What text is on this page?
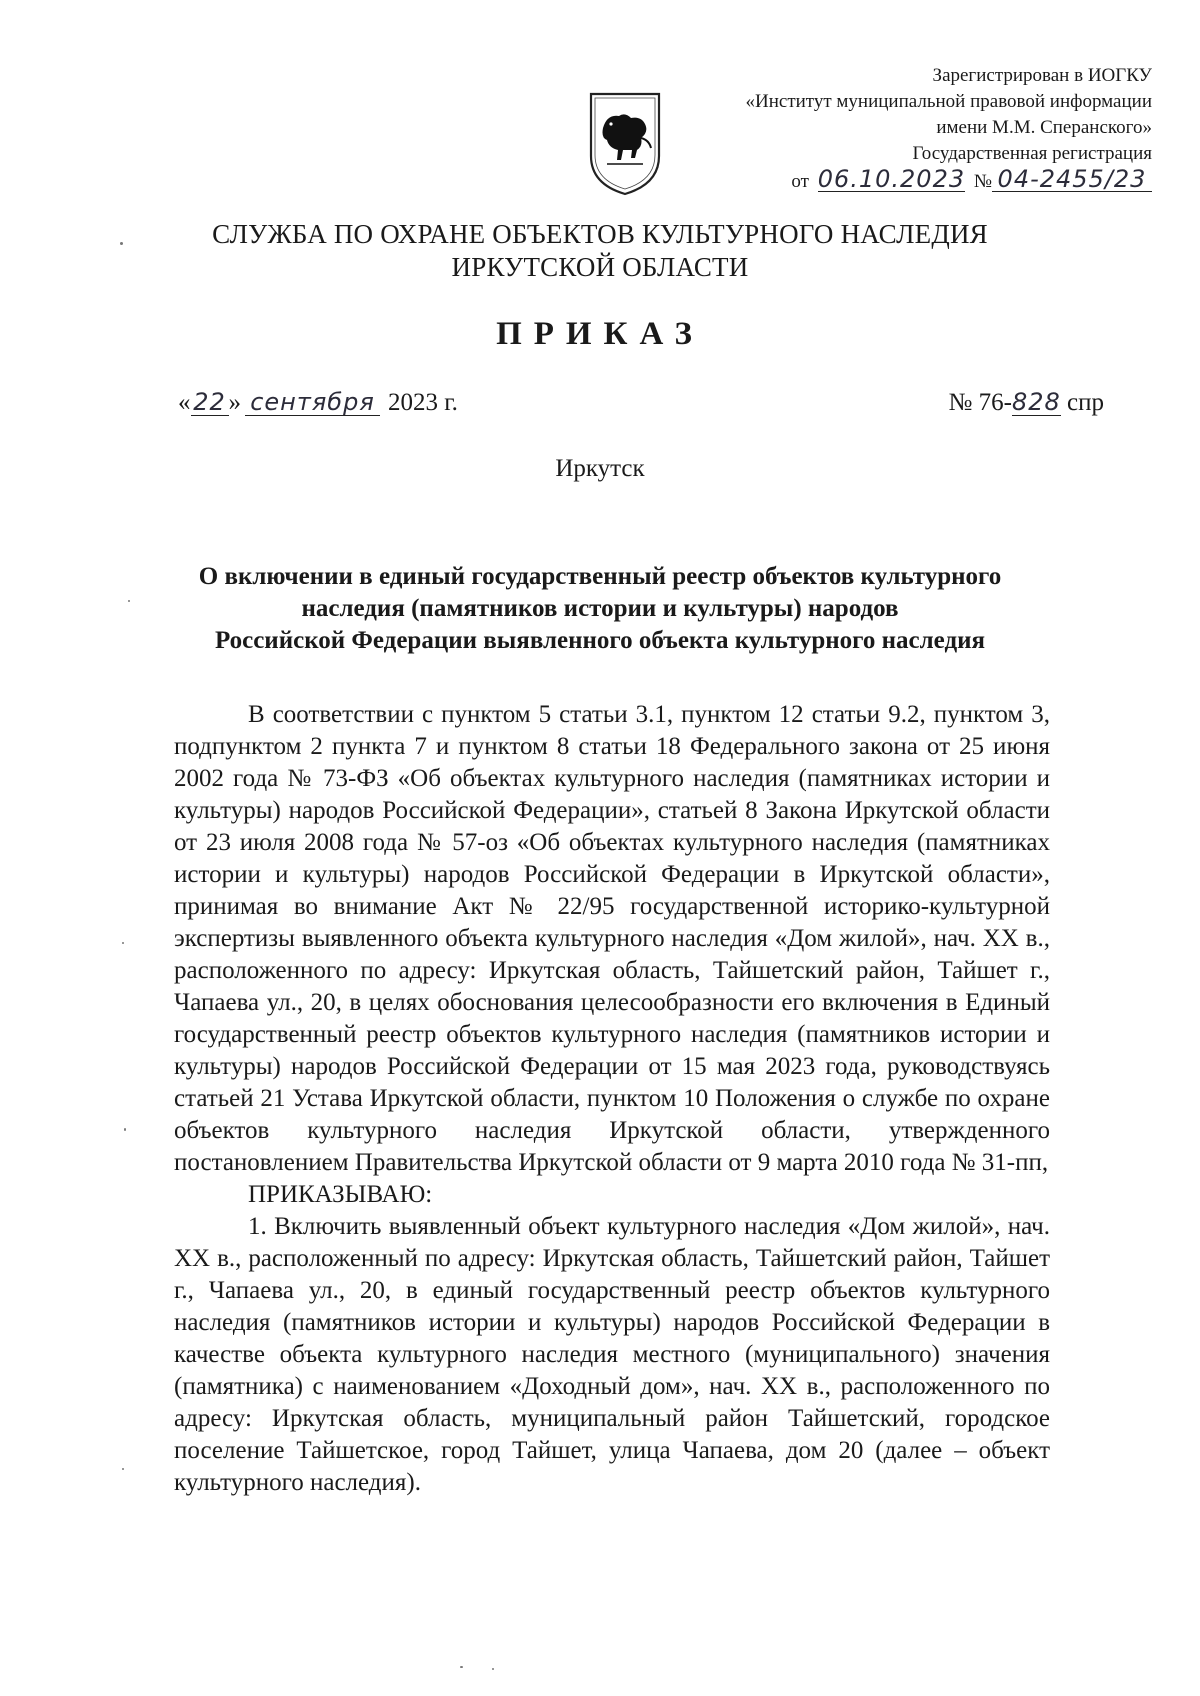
Зарегистрирован в ИОГКУ
«Институт муниципальной правовой информации
имени М.М. Сперанского»
Государственная регистрация
от 06.10.2023 № 04-2455/23
СЛУЖБА ПО ОХРАНЕ ОБЪЕКТОВ КУЛЬТУРНОГО НАСЛЕДИЯ
ИРКУТСКОЙ ОБЛАСТИ
ПРИКАЗ
« 22 » сентября 2023 г.	№ 76-828 спр
Иркутск
О включении в единый государственный реестр объектов культурного
наследия (памятников истории и культуры) народов
Российской Федерации выявленного объекта культурного наследия

В соответствии с пунктом 5 статьи 3.1, пунктом 12 статьи 9.2, пунктом 3, подпунктом 2 пункта 7 и пунктом 8 статьи 18 Федерального закона от 25 июня 2002 года № 73-ФЗ «Об объектах культурного наследия (памятниках истории и культуры) народов Российской Федерации», статьей 8 Закона Иркутской области от 23 июля 2008 года № 57-оз «Об объектах культурного наследия (памятниках истории и культуры) народов Российской Федерации в Иркутской области», принимая во внимание Акт № 22/95 государственной историко-культурной экспертизы выявленного объекта культурного наследия «Дом жилой», нач. XX в., расположенного по адресу: Иркутская область, Тайшетский район, Тайшет г., Чапаева ул., 20, в целях обоснования целесообразности его включения в Единый государственный реестр объектов культурного наследия (памятников истории и культуры) народов Российской Федерации от 15 мая 2023 года, руководствуясь статьей 21 Устава Иркутской области, пунктом 10 Положения о службе по охране объектов культурного наследия Иркутской области, утвержденного постановлением Правительства Иркутской области от 9 марта 2010 года № 31-пп,

ПРИКАЗЫВАЮ:

1. Включить выявленный объект культурного наследия «Дом жилой», нач. XX в., расположенный по адресу: Иркутская область, Тайшетский район, Тайшет г., Чапаева ул., 20, в единый государственный реестр объектов культурного наследия (памятников истории и культуры) народов Российской Федерации в качестве объекта культурного наследия местного (муниципального) значения (памятника) с наименованием «Доходный дом», нач. XX в., расположенного по адресу: Иркутская область, муниципальный район Тайшетский, городское поселение Тайшетское, город Тайшет, улица Чапаева, дом 20 (далее – объект культурного наследия).
